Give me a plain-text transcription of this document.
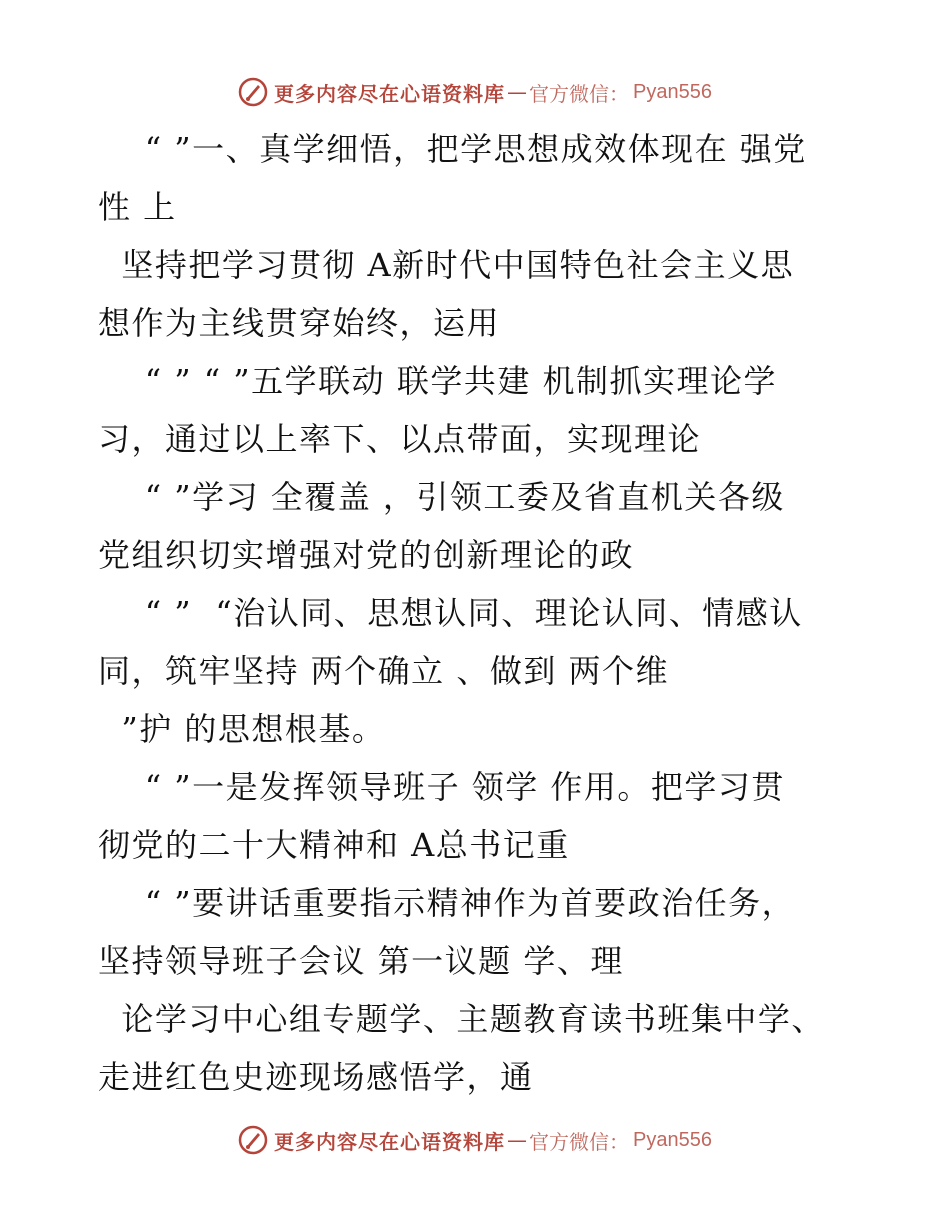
更多内容尽在心语资料库 — 官方微信： Pyan556
“ ”一、真学细悟，把学思想成效体现在 强党
性 上
坚持把学习贯彻 A新时代中国特色社会主义思
想作为主线贯穿始终，运用
“ ” “ ”五学联动 联学共建 机制抓实理论学
习，通过以上率下、以点带面，实现理论
“ ”学习 全覆盖 ，引领工委及省直机关各级
党组织切实增强对党的创新理论的政
“ ”  “治认同、思想认同、理论认同、情感认
同，筑牢坚持 两个确立 、做到 两个维
”护 的思想根基。
“ ”一是发挥领导班子 领学 作用。把学习贯
彻党的二十大精神和 A总书记重
“ ”要讲话重要指示精神作为首要政治任务，
坚持领导班子会议 第一议题 学、理
论学习中心组专题学、主题教育读书班集中学、
走进红色史迹现场感悟学，通
更多内容尽在心语资料库 — 官方微信： Pyan556
